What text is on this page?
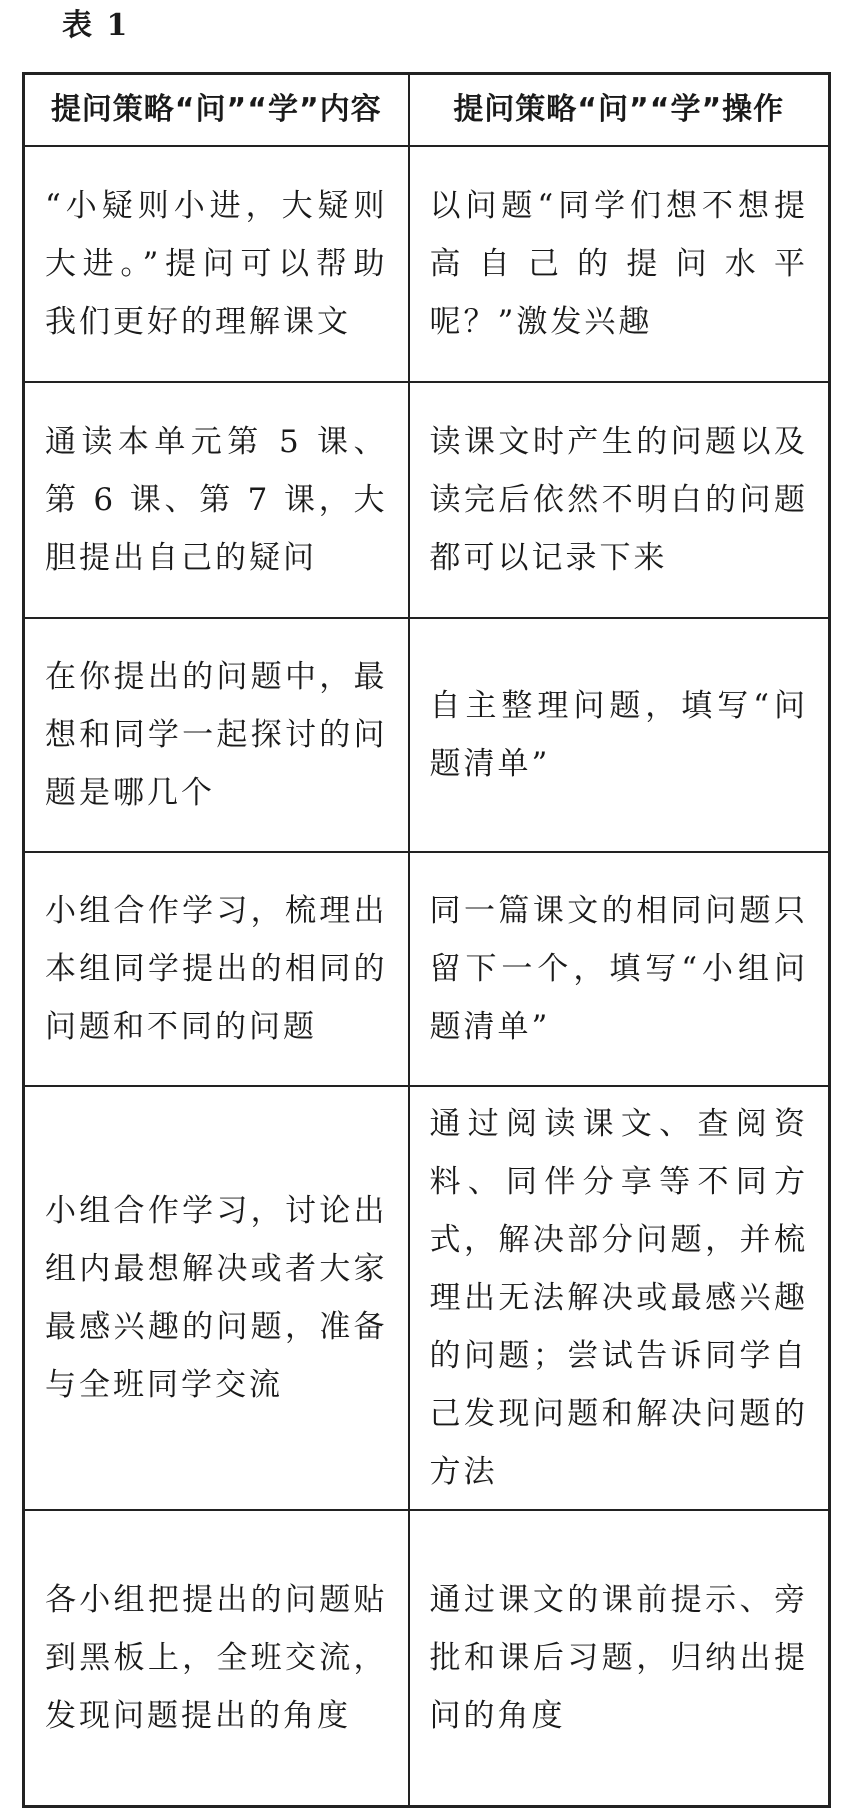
表 1
提问策略“问”“学”内容	提问策略“问”“学”操作
“小疑则小进，大疑则大进。”提问可以帮助我们更好的理解课文	以问题“同学们想不想提高自己的提问水平呢？”激发兴趣
通读本单元第 5 课、第 6 课、第 7 课，大胆提出自己的疑问	读课文时产生的问题以及读完后依然不明白的问题都可以记录下来
在你提出的问题中，最想和同学一起探讨的问题是哪几个	自主整理问题，填写“问题清单”
小组合作学习，梳理出本组同学提出的相同的问题和不同的问题	同一篇课文的相同问题只留下一个，填写“小组问题清单”
小组合作学习，讨论出组内最想解决或者大家最感兴趣的问题，准备与全班同学交流	通过阅读课文、查阅资料、同伴分享等不同方式，解决部分问题，并梳理出无法解决或最感兴趣的问题；尝试告诉同学自己发现问题和解决问题的方法
各小组把提出的问题贴到黑板上，全班交流，发现问题提出的角度	通过课文的课前提示、旁批和课后习题，归纳出提问的角度
